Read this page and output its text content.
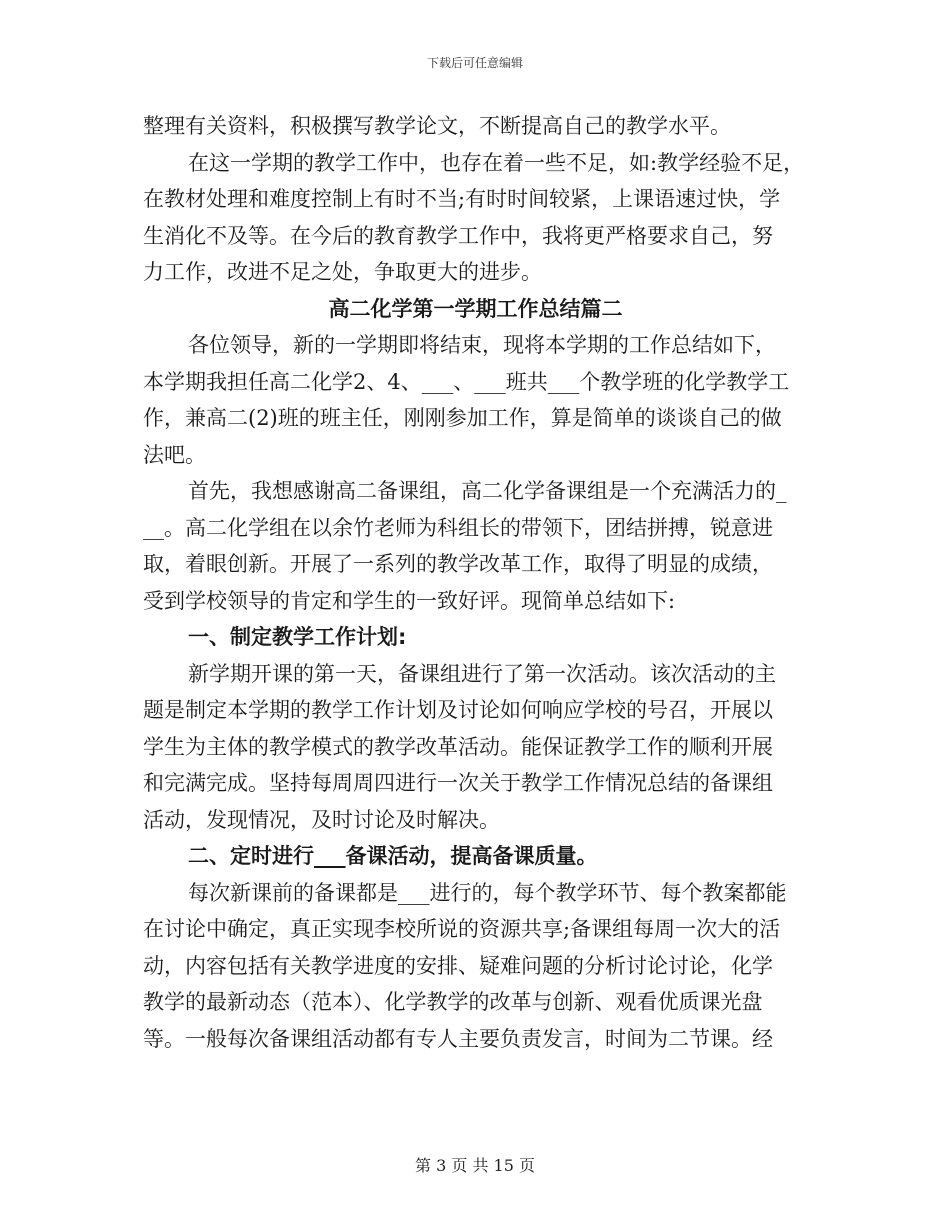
下载后可任意编辑
整理有关资料，积极撰写教学论文，不断提高自己的教学水平。
在这一学期的教学工作中，也存在着一些不足，如:教学经验不足，
在教材处理和难度控制上有时不当;有时时间较紧，上课语速过快，学
生消化不及等。在今后的教育教学工作中，我将更严格要求自己，努
力工作，改进不足之处，争取更大的进步。
高二化学第一学期工作总结篇二
各位领导，新的一学期即将结束，现将本学期的工作总结如下，
本学期我担任高二化学2、4、___、___班共___个教学班的化学教学工
作，兼高二(2)班的班主任，刚刚参加工作，算是简单的谈谈自己的做
法吧。
首先，我想感谢高二备课组，高二化学备课组是一个充满活力的_
__。高二化学组在以余竹老师为科组长的带领下，团结拼搏，锐意进
取，着眼创新。开展了一系列的教学改革工作，取得了明显的成绩，
受到学校领导的肯定和学生的一致好评。现简单总结如下:
一、制定教学工作计划:
新学期开课的第一天，备课组进行了第一次活动。该次活动的主
题是制定本学期的教学工作计划及讨论如何响应学校的号召，开展以
学生为主体的教学模式的教学改革活动。能保证教学工作的顺利开展
和完满完成。坚持每周周四进行一次关于教学工作情况总结的备课组
活动，发现情况，及时讨论及时解决。
二、定时进行___备课活动，提高备课质量。
每次新课前的备课都是___进行的，每个教学环节、每个教案都能
在讨论中确定，真正实现李校所说的资源共享;备课组每周一次大的活
动，内容包括有关教学进度的安排、疑难问题的分析讨论讨论，化学
教学的最新动态（范本）、化学教学的改革与创新、观看优质课光盘
等。一般每次备课组活动都有专人主要负责发言，时间为二节课。经
第 3 页 共 15 页
